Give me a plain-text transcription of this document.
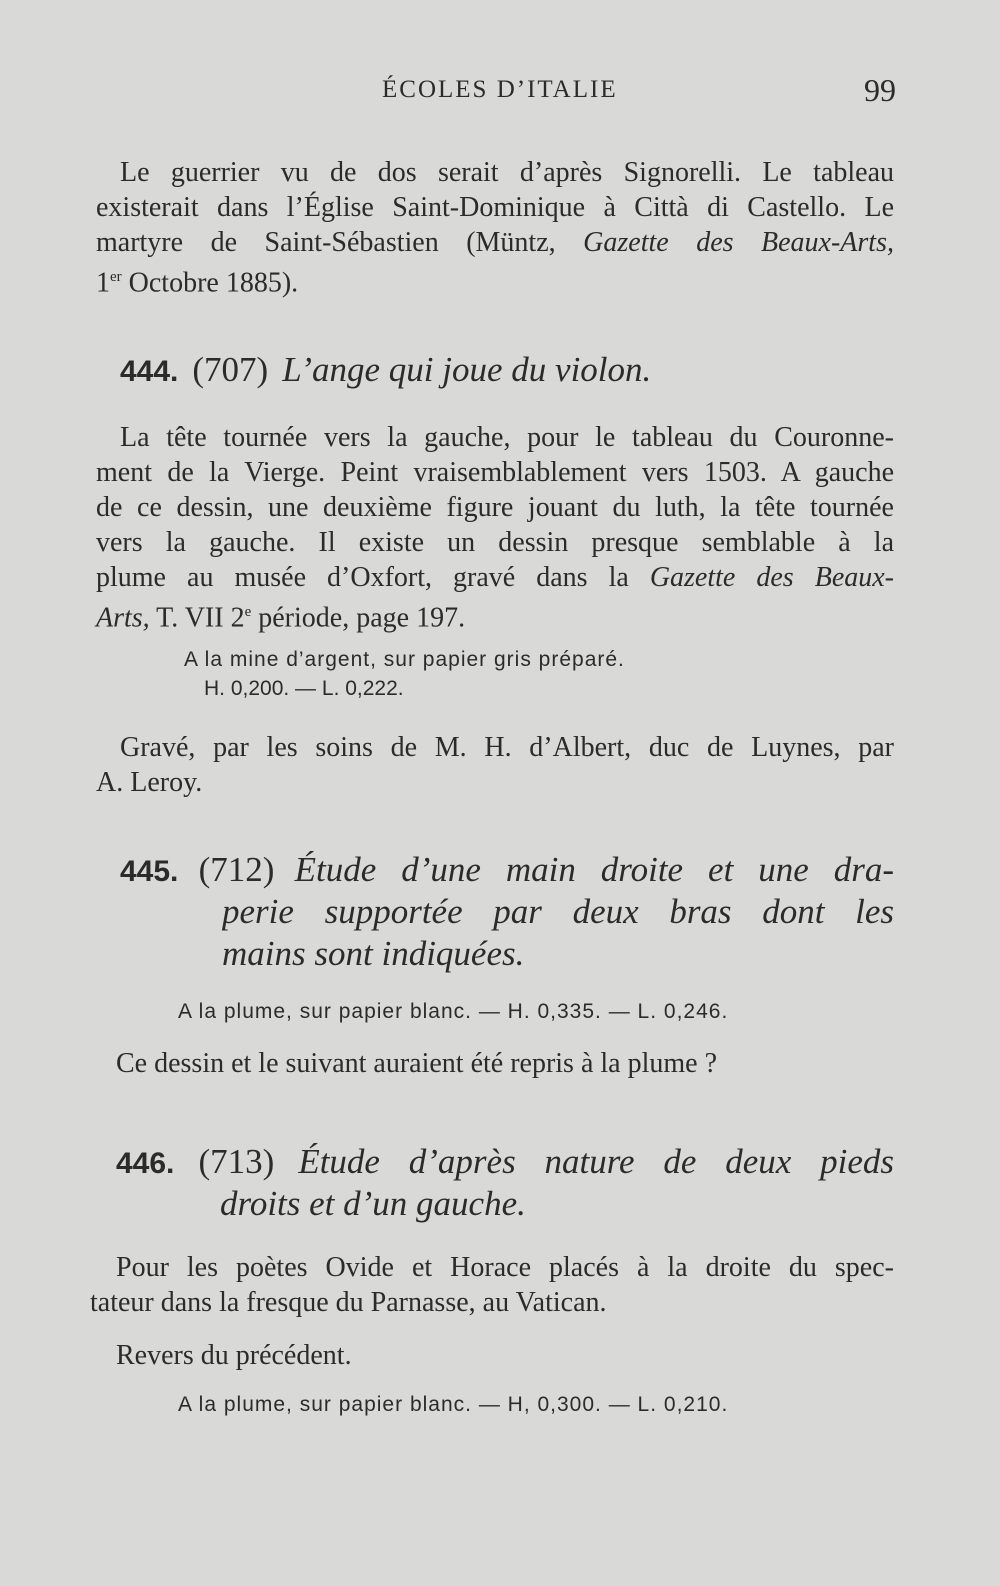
ÉCOLES D’ITALIE	99
Le guerrier vu de dos serait d’après Signorelli. Le tableau
existerait dans l’Église Saint-Dominique à Città di Castello. Le
martyre de Saint-Sébastien (Müntz, Gazette des Beaux-Arts,
1er Octobre 1885).
444. (707) L’ange qui joue du violon.
La tête tournée vers la gauche, pour le tableau du Couronne-
ment de la Vierge. Peint vraisemblablement vers 1503. A gauche
de ce dessin, une deuxième figure jouant du luth, la tête tournée
vers la gauche. Il existe un dessin presque semblable à la
plume au musée d’Oxfort, gravé dans la Gazette des Beaux-
Arts, T. VII 2e période, page 197.
A la mine d’argent, sur papier gris préparé.
H. 0,200. — L. 0,222.
Gravé, par les soins de M. H. d’Albert, duc de Luynes, par
A. Leroy.
445. (712) Étude d’une main droite et une dra-
perie supportée par deux bras dont les
mains sont indiquées.
A la plume, sur papier blanc. — H. 0,335. — L. 0,246.
Ce dessin et le suivant auraient été repris à la plume ?
446. (713) Étude d’après nature de deux pieds
droits et d’un gauche.
Pour les poètes Ovide et Horace placés à la droite du spec-
tateur dans la fresque du Parnasse, au Vatican.
Revers du précédent.
A la plume, sur papier blanc. — H, 0,300. — L. 0,210.
